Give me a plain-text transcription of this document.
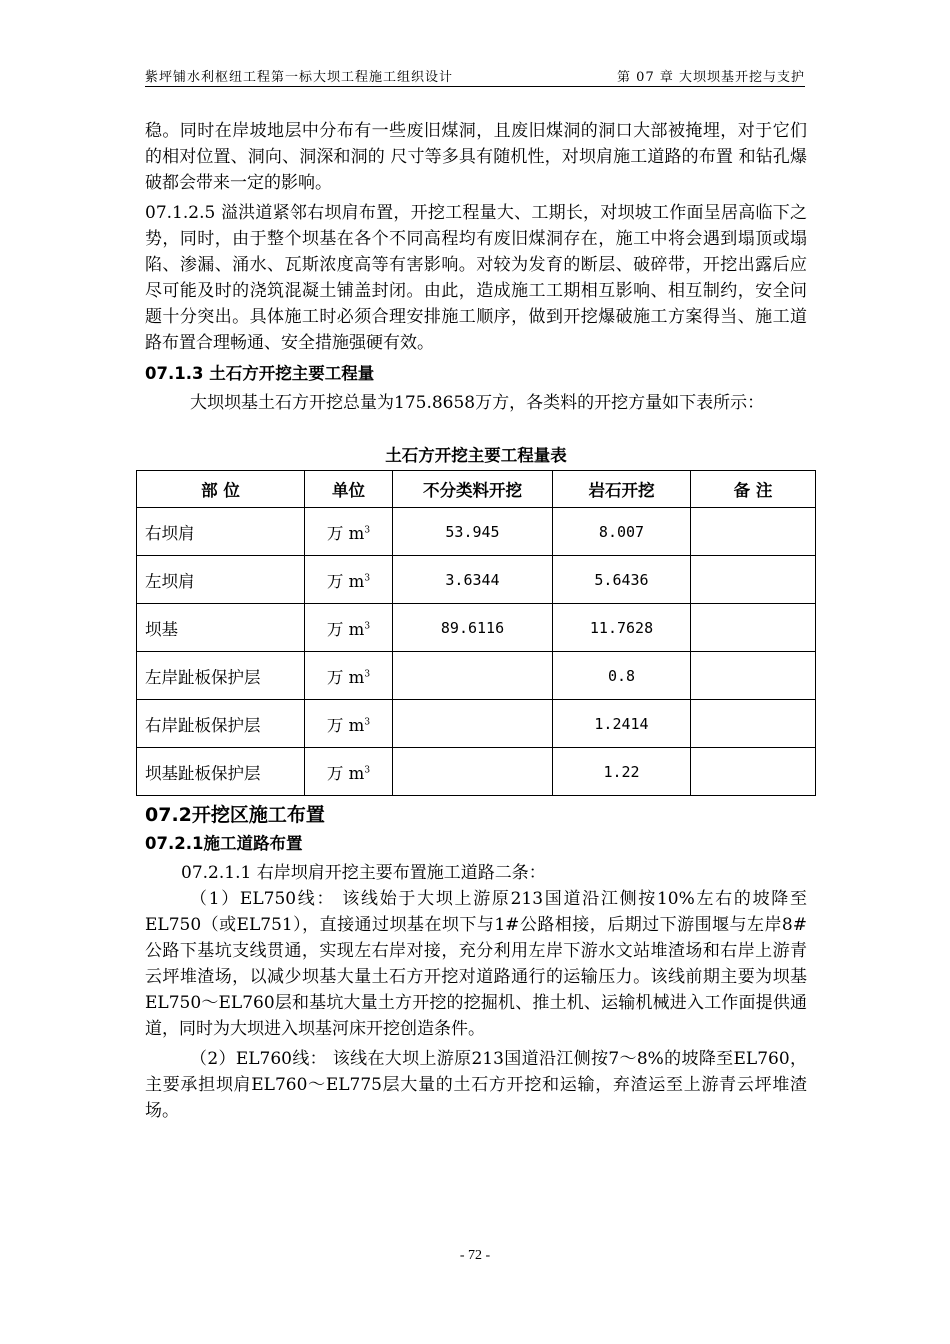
紫坪铺水利枢纽工程第一标大坝工程施工组织设计	第 07 章 大坝坝基开挖与支护

稳。同时在岸坡地层中分布有一些废旧煤洞，且废旧煤洞的洞口大部被掩埋，对于它们的相对位置、洞向、洞深和洞的 尺寸等多具有随机性，对坝肩施工道路的布置 和钻孔爆破都会带来一定的影响。

07.1.2.5 溢洪道紧邻右坝肩布置，开挖工程量大、工期长，对坝坡工作面呈居高临下之势，同时，由于整个坝基在各个不同高程均有废旧煤洞存在，施工中将会遇到塌顶或塌陷、渗漏、涌水、瓦斯浓度高等有害影响。对较为发育的断层、破碎带，开挖出露后应尽可能及时的浇筑混凝土铺盖封闭。由此，造成施工工期相互影响、相互制约，安全问题十分突出。具体施工时必须合理安排施工顺序，做到开挖爆破施工方案得当、施工道路布置合理畅通、安全措施强硬有效。

07.1.3 土石方开挖主要工程量

大坝坝基土石方开挖总量为175.8658万方，各类料的开挖方量如下表所示：

土石方开挖主要工程量表
部 位	单位	不分类料开挖	岩石开挖	备 注
右坝肩	万 $m^3$	53.945	8.007	
左坝肩	万 $m^3$	3.6344	5.6436	
坝基	万 $m^3$	89.6116	11.7628	
左岸趾板保护层	万 $m^3$		0.8	
右岸趾板保护层	万 $m^3$		1.2414	
坝基趾板保护层	万 $m^3$		1.22	
07.2开挖区施工布置
07.2.1施工道路布置

07.2.1.1 右岸坝肩开挖主要布置施工道路二条：

（1）EL750线： 该线始于大坝上游原213国道沿江侧按10%左右的坡降至EL750（或EL751），直接通过坝基在坝下与1#公路相接，后期过下游围堰与左岸8#公路下基坑支线贯通，实现左右岸对接，充分利用左岸下游水文站堆渣场和右岸上游青云坪堆渣场，以减少坝基大量土石方开挖对道路通行的运输压力。该线前期主要为坝基EL750～EL760层和基坑大量土方开挖的挖掘机、推土机、运输机械进入工作面提供通道，同时为大坝进入坝基河床开挖创造条件。

（2）EL760线： 该线在大坝上游原213国道沿江侧按7～8%的坡降至EL760，主要承担坝肩EL760～EL775层大量的土石方开挖和运输，弃渣运至上游青云坪堆渣场。

- 72 -
